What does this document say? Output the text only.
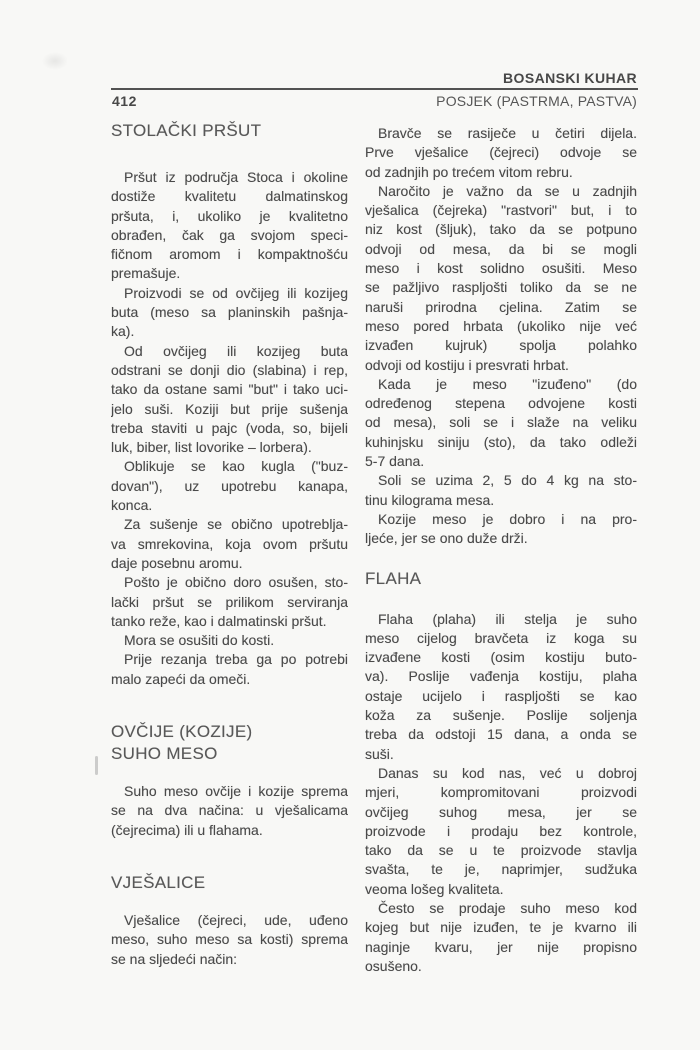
BOSANSKI KUHAR
412	POSJEK (PASTRMA, PASTVA)
STOLAČKI PRŠUT
Pršut iz područja Stoca i okoline
dostiže kvalitetu dalmatinskog
pršuta, i, ukoliko je kvalitetno
obrađen, čak ga svojom speci-
fičnom aromom i kompaktnošću
premašuje.
Proizvodi se od ovčijeg ili kozijeg
buta (meso sa planinskih pašnja-
ka).
Od ovčijeg ili kozijeg buta
odstrani se donji dio (slabina) i rep,
tako da ostane sami "but" i tako uci-
jelo suši. Koziji but prije sušenja
treba staviti u pajc (voda, so, bijeli
luk, biber, list lovorike – lorbera).
Oblikuje se kao kugla ("buz-
dovan"), uz upotrebu kanapa,
konca.
Za sušenje se obično upotreblja-
va smrekovina, koja ovom pršutu
daje posebnu aromu.
Pošto je obično doro osušen, sto-
lački pršut se prilikom serviranja
tanko reže, kao i dalmatinski pršut.
Mora se osušiti do kosti.
Prije rezanja treba ga po potrebi
malo zapeći da omeči.
OVČIJE (KOZIJE)
SUHO MESO
Suho meso ovčije i kozije sprema
se na dva načina: u vješalicama
(čejrecima) ili u flahama.
VJEŠALICE
Vješalice (čejreci, ude, uđeno
meso, suho meso sa kosti) sprema
se na sljedeći način:
Bravče se rasiječe u četiri dijela.
Prve vješalice (čejreci) odvoje se
od zadnjih po trećem vitom rebru.
Naročito je važno da se u zadnjih
vješalica (čejreka) "rastvori" but, i to
niz kost (šljuk), tako da se potpuno
odvoji od mesa, da bi se mogli
meso i kost solidno osušiti. Meso
se pažljivo raspljošti toliko da se ne
naruši prirodna cjelina. Zatim se
meso pored hrbata (ukoliko nije već
izvađen kujruk) spolja polahko
odvoji od kostiju i presvrati hrbat.
Kada je meso "izuđeno" (do
određenog stepena odvojene kosti
od mesa), soli se i slaže na veliku
kuhinjsku siniju (sto), da tako odleži
5-7 dana.
Soli se uzima 2, 5 do 4 kg na sto-
tinu kilograma mesa.
Kozije meso je dobro i na pro-
ljeće, jer se ono duže drži.
FLAHA
Flaha (plaha) ili stelja je suho
meso cijelog bravčeta iz koga su
izvađene kosti (osim kostiju buto-
va). Poslije vađenja kostiju, plaha
ostaje ucijelo i raspljošti se kao
koža za sušenje. Poslije soljenja
treba da odstoji 15 dana, a onda se
suši.
Danas su kod nas, već u dobroj
mjeri, kompromitovani proizvodi
ovčijeg suhog mesa, jer se
proizvode i prodaju bez kontrole,
tako da se u te proizvode stavlja
svašta, te je, naprimjer, sudžuka
veoma lošeg kvaliteta.
Često se prodaje suho meso kod
kojeg but nije izuđen, te je kvarno ili
naginje kvaru, jer nije propisno
osušeno.
